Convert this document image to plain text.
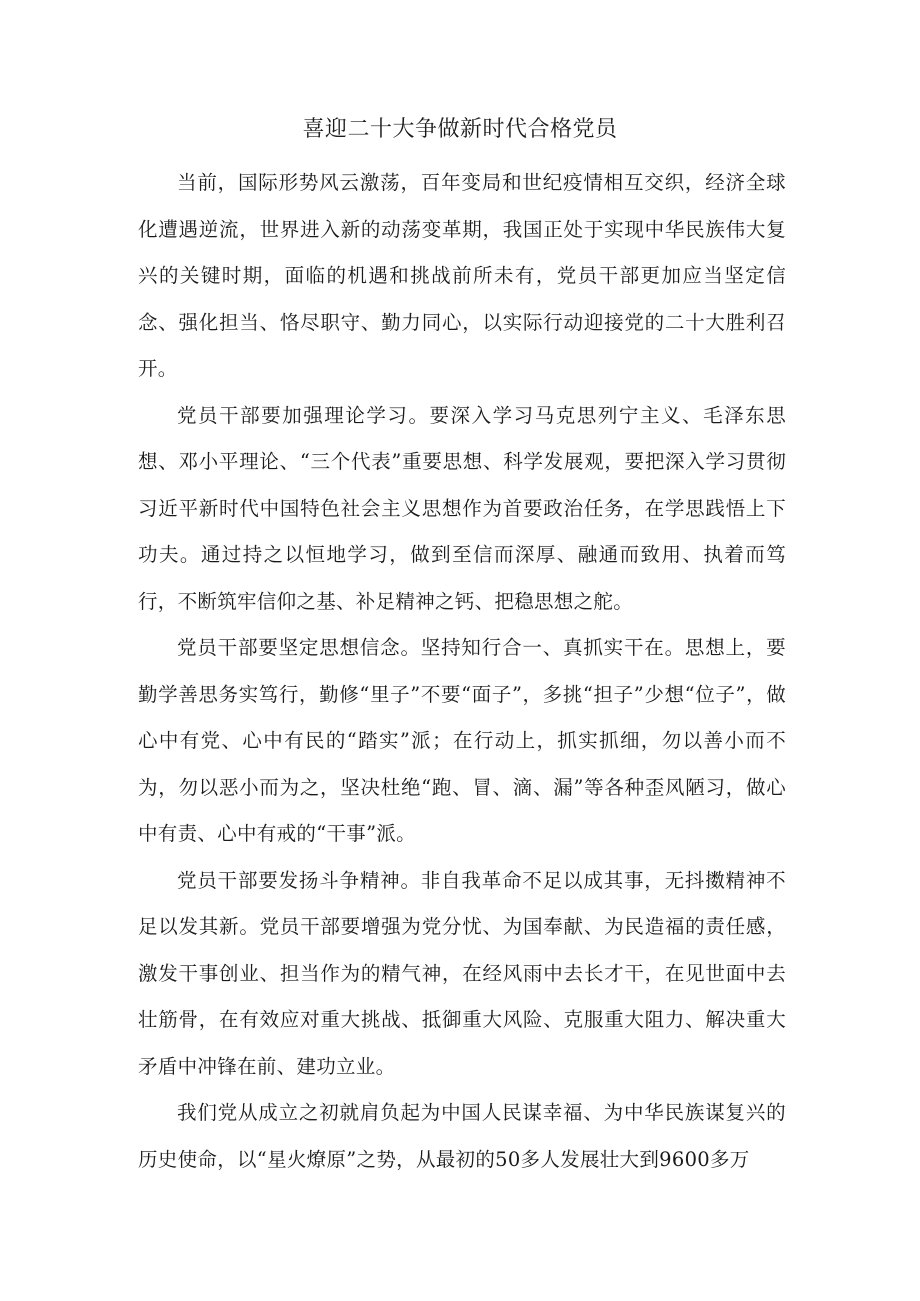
喜迎二十大争做新时代合格党员

当前，国际形势风云激荡，百年变局和世纪疫情相互交织，经济全球化遭遇逆流，世界进入新的动荡变革期，我国正处于实现中华民族伟大复兴的关键时期，面临的机遇和挑战前所未有，党员干部更加应当坚定信念、强化担当、恪尽职守、勤力同心，以实际行动迎接党的二十大胜利召开。

党员干部要加强理论学习。要深入学习马克思列宁主义、毛泽东思想、邓小平理论、“三个代表”重要思想、科学发展观，要把深入学习贯彻习近平新时代中国特色社会主义思想作为首要政治任务，在学思践悟上下功夫。通过持之以恒地学习，做到至信而深厚、融通而致用、执着而笃行，不断筑牢信仰之基、补足精神之钙、把稳思想之舵。

党员干部要坚定思想信念。坚持知行合一、真抓实干在。思想上，要勤学善思务实笃行，勤修“里子”不要“面子”，多挑“担子”少想“位子”，做心中有党、心中有民的“踏实”派；在行动上，抓实抓细，勿以善小而不为，勿以恶小而为之，坚决杜绝“跑、冒、滴、漏”等各种歪风陋习，做心中有责、心中有戒的“干事”派。

党员干部要发扬斗争精神。非自我革命不足以成其事，无抖擞精神不足以发其新。党员干部要增强为党分忧、为国奉献、为民造福的责任感，激发干事创业、担当作为的精气神，在经风雨中去长才干，在见世面中去壮筋骨，在有效应对重大挑战、抵御重大风险、克服重大阻力、解决重大矛盾中冲锋在前、建功立业。

我们党从成立之初就肩负起为中国人民谋幸福、为中华民族谋复兴的历史使命，以“星火燎原”之势，从最初的50多人发展壮大到9600多万
